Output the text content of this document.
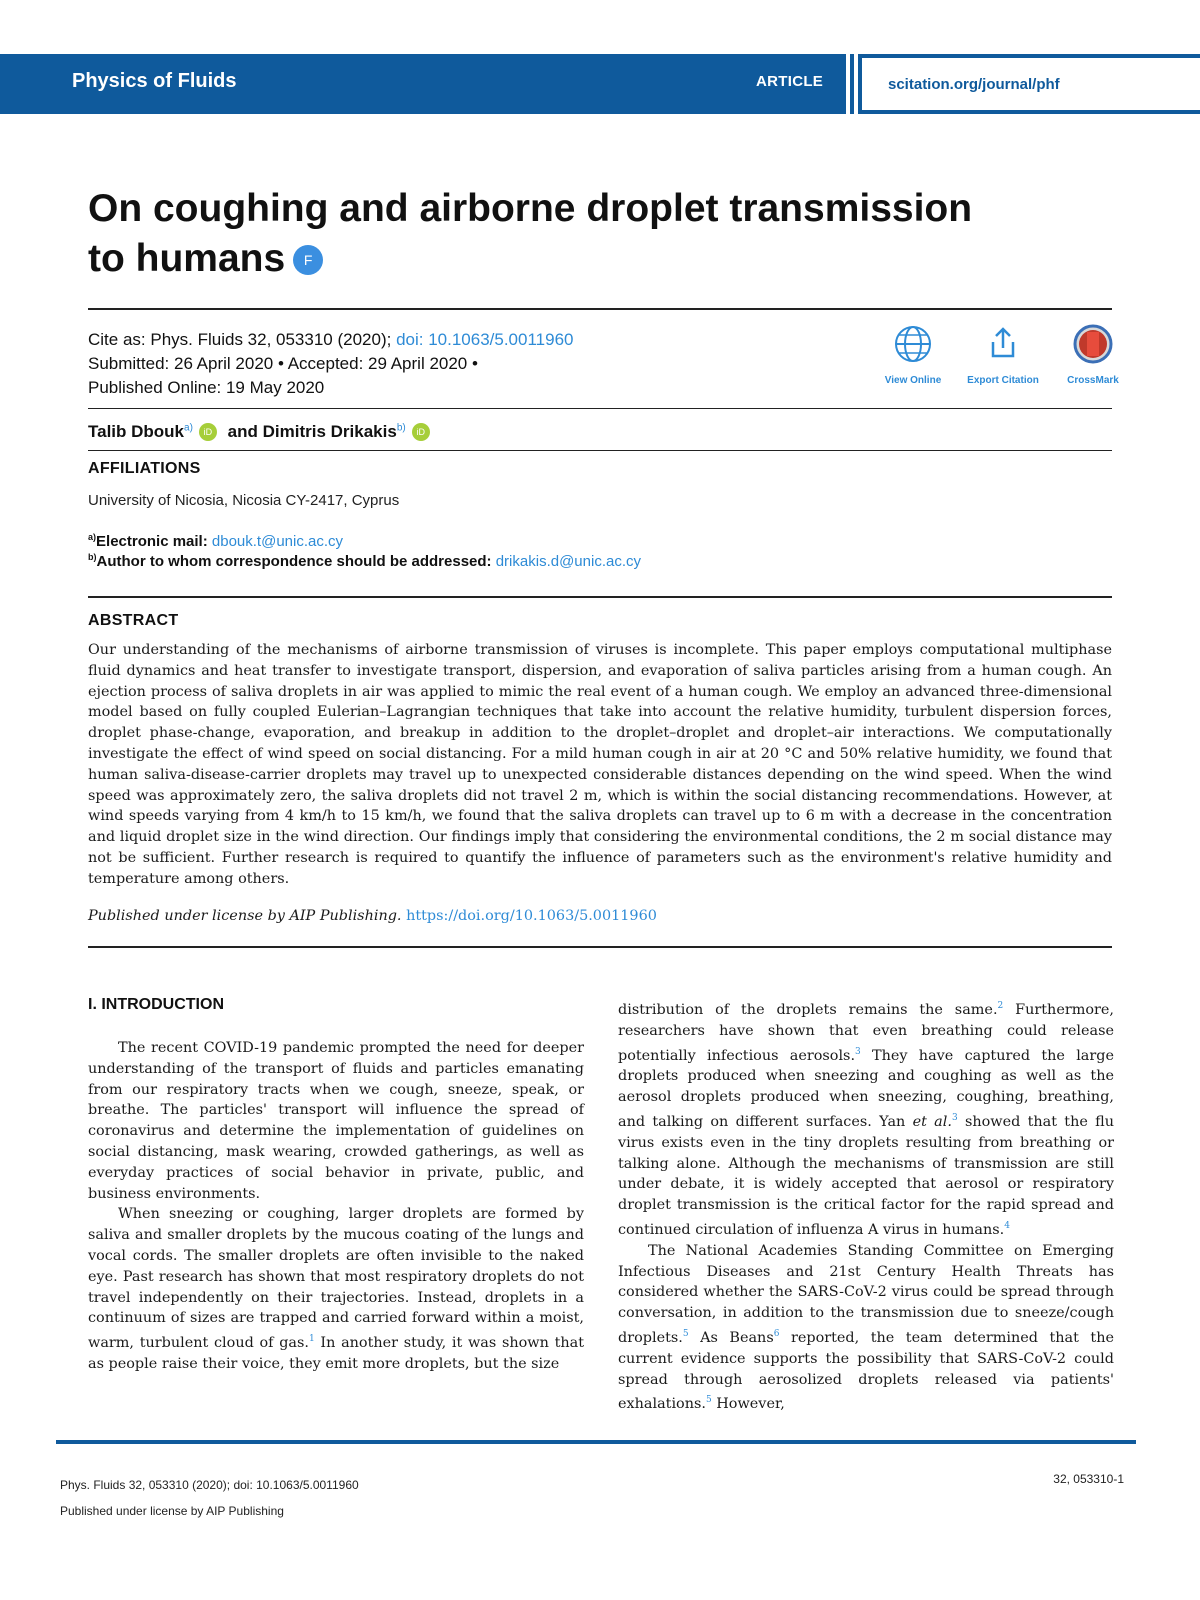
Physics of Fluids	ARTICLE	scitation.org/journal/phf
On coughing and airborne droplet transmission
to humans F
Cite as: Phys. Fluids 32, 053310 (2020); doi: 10.1063/5.0011960
Submitted: 26 April 2020 • Accepted: 29 April 2020 •
Published Online: 19 May 2020	View Online	Export Citation	CrossMark
Talib Dbouk$^{a)}$ iD and Dimitris Drikakis$^{b)}$ iD
AFFILIATIONS
University of Nicosia, Nicosia CY-2417, Cyprus
$^{a)}$Electronic mail: dbouk.t@unic.ac.cy
$^{b)}$Author to whom correspondence should be addressed: drikakis.d@unic.ac.cy
ABSTRACT
Our understanding of the mechanisms of airborne transmission of viruses is incomplete. This paper employs computational multiphase fluid dynamics and heat transfer to investigate transport, dispersion, and evaporation of saliva particles arising from a human cough. An ejection process of saliva droplets in air was applied to mimic the real event of a human cough. We employ an advanced three-dimensional model based on fully coupled Eulerian–Lagrangian techniques that take into account the relative humidity, turbulent dispersion forces, droplet phase-change, evaporation, and breakup in addition to the droplet–droplet and droplet–air interactions. We computationally investigate the effect of wind speed on social distancing. For a mild human cough in air at 20 °C and 50% relative humidity, we found that human saliva-disease-carrier droplets may travel up to unexpected considerable distances depending on the wind speed. When the wind speed was approximately zero, the saliva droplets did not travel 2 m, which is within the social distancing recommendations. However, at wind speeds varying from 4 km/h to 15 km/h, we found that the saliva droplets can travel up to 6 m with a decrease in the concentration and liquid droplet size in the wind direction. Our findings imply that considering the environmental conditions, the 2 m social distance may not be sufficient. Further research is required to quantify the influence of parameters such as the environment's relative humidity and temperature among others.
Published under license by AIP Publishing. https://doi.org/10.1063/5.0011960
I. INTRODUCTION

The recent COVID-19 pandemic prompted the need for deeper understanding of the transport of fluids and particles emanating from our respiratory tracts when we cough, sneeze, speak, or breathe. The particles' transport will influence the spread of coronavirus and determine the implementation of guidelines on social distancing, mask wearing, crowded gatherings, as well as everyday practices of social behavior in private, public, and business environments.

When sneezing or coughing, larger droplets are formed by saliva and smaller droplets by the mucous coating of the lungs and vocal cords. The smaller droplets are often invisible to the naked eye. Past research has shown that most respiratory droplets do not travel independently on their trajectories. Instead, droplets in a continuum of sizes are trapped and carried forward within a moist, warm, turbulent cloud of gas.$^1$ In another study, it was shown that as people raise their voice, they emit more droplets, but the size

distribution of the droplets remains the same.$^2$ Furthermore, researchers have shown that even breathing could release potentially infectious aerosols.$^3$ They have captured the large droplets produced when sneezing and coughing as well as the aerosol droplets produced when sneezing, coughing, breathing, and talking on different surfaces. Yan et al.$^3$ showed that the flu virus exists even in the tiny droplets resulting from breathing or talking alone. Although the mechanisms of transmission are still under debate, it is widely accepted that aerosol or respiratory droplet transmission is the critical factor for the rapid spread and continued circulation of influenza A virus in humans.$^4$

The National Academies Standing Committee on Emerging Infectious Diseases and 21st Century Health Threats has considered whether the SARS-CoV-2 virus could be spread through conversation, in addition to the transmission due to sneeze/cough droplets.$^5$ As Beans$^6$ reported, the team determined that the current evidence supports the possibility that SARS-CoV-2 could spread through aerosolized droplets released via patients' exhalations.$^5$ However,

Phys. Fluids 32, 053310 (2020); doi: 10.1063/5.0011960
Published under license by AIP Publishing
32, 053310-1
